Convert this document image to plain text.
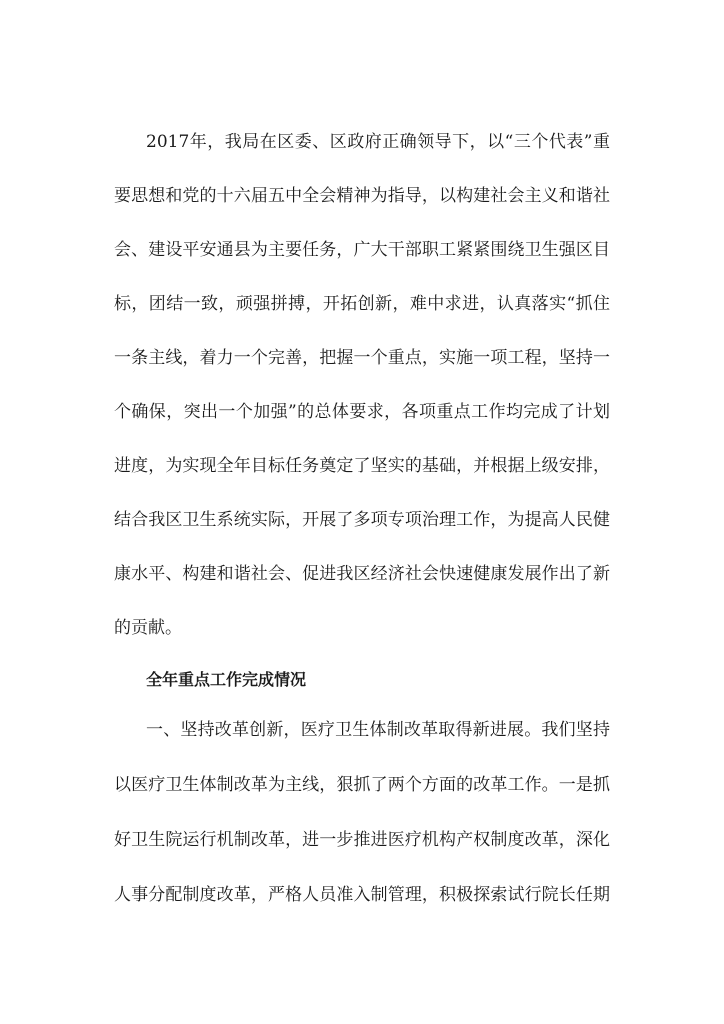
2017年，我局在区委、区政府正确领导下，以“三个代表”重

要思想和党的十六届五中全会精神为指导，以构建社会主义和谐社

会、建设平安通县为主要任务，广大干部职工紧紧围绕卫生强区目

标，团结一致，顽强拼搏，开拓创新，难中求进，认真落实“抓住

一条主线，着力一个完善，把握一个重点，实施一项工程，坚持一

个确保，突出一个加强”的总体要求，各项重点工作均完成了计划

进度，为实现全年目标任务奠定了坚实的基础，并根据上级安排，

结合我区卫生系统实际，开展了多项专项治理工作，为提高人民健

康水平、构建和谐社会、促进我区经济社会快速健康发展作出了新

的贡献。

全年重点工作完成情况

一、坚持改革创新，医疗卫生体制改革取得新进展。我们坚持

以医疗卫生体制改革为主线，狠抓了两个方面的改革工作。一是抓

好卫生院运行机制改革，进一步推进医疗机构产权制度改革，深化

人事分配制度改革，严格人员准入制管理，积极探索试行院长任期
